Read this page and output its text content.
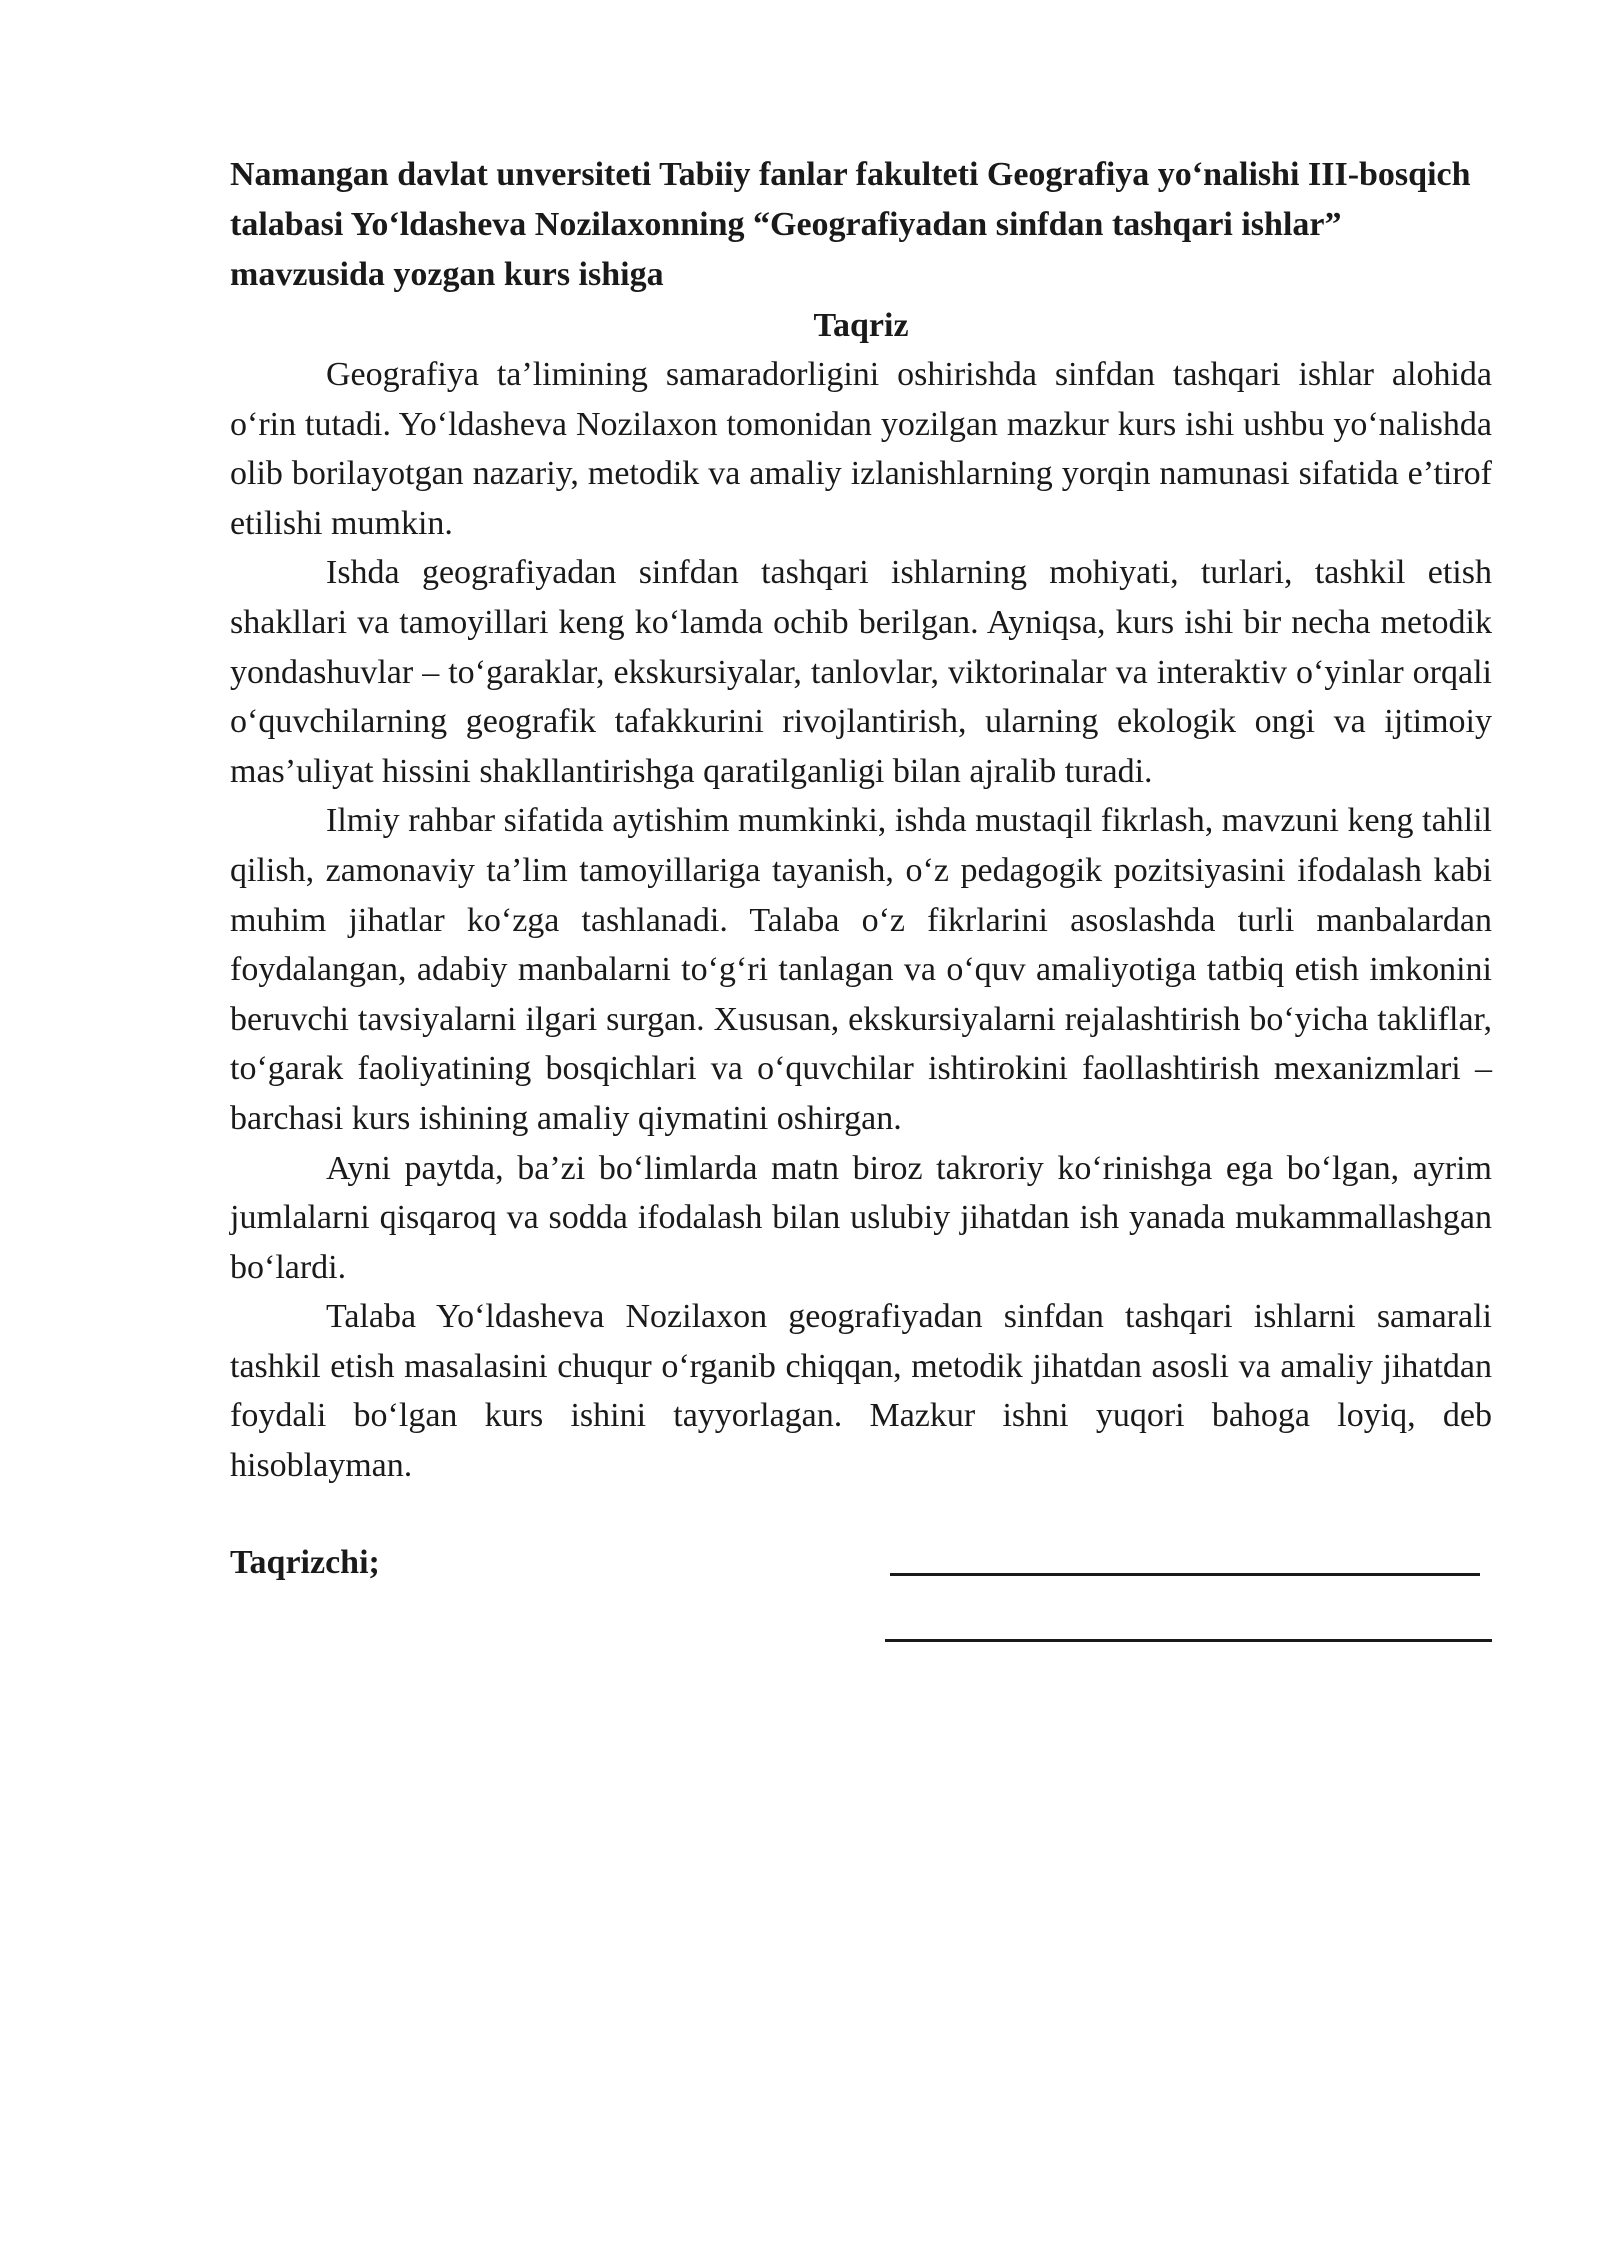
Namangan davlat unversiteti Tabiiy fanlar fakulteti Geografiya yo‘nalishi III-bosqich talabasi Yo‘ldasheva Nozilaxonning “Geografiyadan sinfdan tashqari ishlar” mavzusida yozgan kurs ishiga

Taqriz

Geografiya ta’limining samaradorligini oshirishda sinfdan tashqari ishlar alohida o‘rin tutadi. Yo‘ldasheva Nozilaxon tomonidan yozilgan mazkur kurs ishi ushbu yo‘nalishda olib borilayotgan nazariy, metodik va amaliy izlanishlarning yorqin namunasi sifatida e’tirof etilishi mumkin.

Ishda geografiyadan sinfdan tashqari ishlarning mohiyati, turlari, tashkil etish shakllari va tamoyillari keng ko‘lamda ochib berilgan. Ayniqsa, kurs ishi bir necha metodik yondashuvlar – to‘garaklar, ekskursiyalar, tanlovlar, viktorinalar va interaktiv o‘yinlar orqali o‘quvchilarning geografik tafakkurini rivojlantirish, ularning ekologik ongi va ijtimoiy mas’uliyat hissini shakllantirishga qaratilganligi bilan ajralib turadi.

Ilmiy rahbar sifatida aytishim mumkinki, ishda mustaqil fikrlash, mavzuni keng tahlil qilish, zamonaviy ta’lim tamoyillariga tayanish, o‘z pedagogik pozitsiyasini ifodalash kabi muhim jihatlar ko‘zga tashlanadi. Talaba o‘z fikrlarini asoslashda turli manbalardan foydalangan, adabiy manbalarni to‘g‘ri tanlagan va o‘quv amaliyotiga tatbiq etish imkonini beruvchi tavsiyalarni ilgari surgan. Xususan, ekskursiyalarni rejalashtirish bo‘yicha takliflar, to‘garak faoliyatining bosqichlari va o‘quvchilar ishtirokini faollashtirish mexanizmlari – barchasi kurs ishining amaliy qiymatini oshirgan.

Ayni paytda, ba’zi bo‘limlarda matn biroz takroriy ko‘rinishga ega bo‘lgan, ayrim jumlalarni qisqaroq va sodda ifodalash bilan uslubiy jihatdan ish yanada mukammallashgan bo‘lardi.

Talaba Yo‘ldasheva Nozilaxon geografiyadan sinfdan tashqari ishlarni samarali tashkil etish masalasini chuqur o‘rganib chiqqan, metodik jihatdan asosli va amaliy jihatdan foydali bo‘lgan kurs ishini tayyorlagan. Mazkur ishni yuqori bahoga loyiq, deb hisoblayman.

Taqrizchi;
